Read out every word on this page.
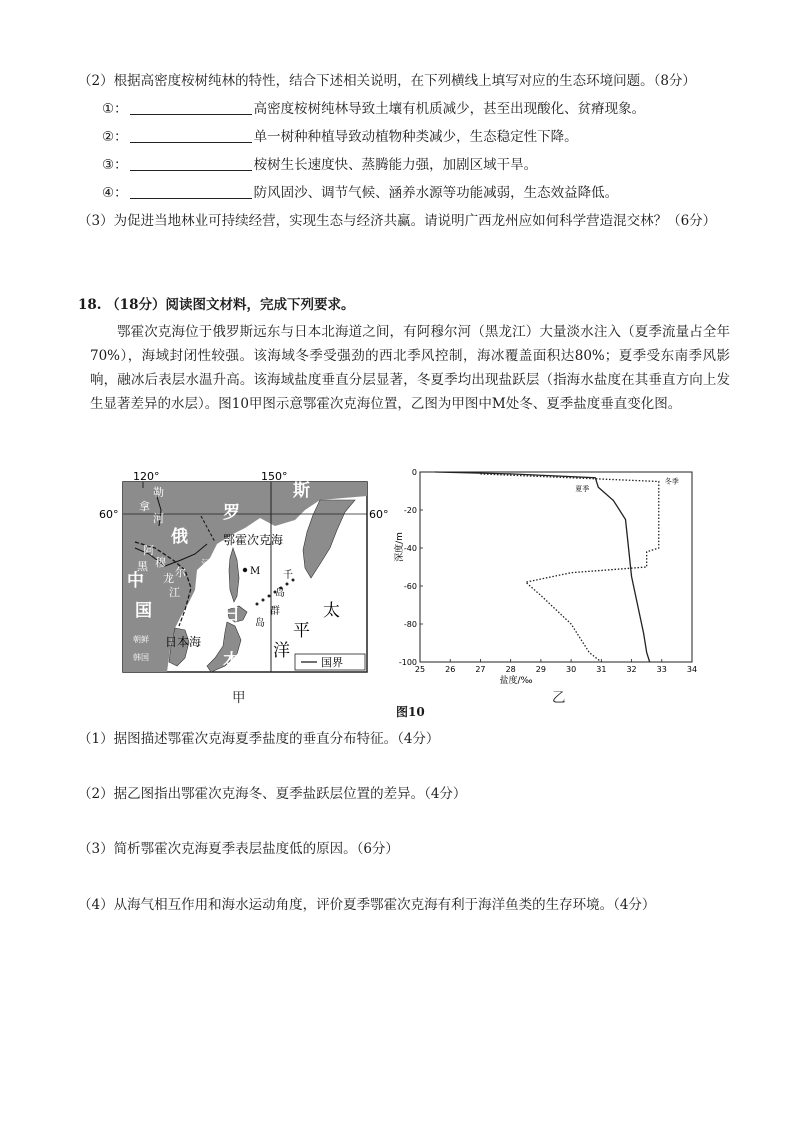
（2）根据高密度桉树纯林的特性，结合下述相关说明，在下列横线上填写对应的生态环境问题。（8分）
①：	高密度桉树纯林导致土壤有机质减少，甚至出现酸化、贫瘠现象。
②：	单一树种种植导致动植物种类减少，生态稳定性下降。
③：	桉树生长速度快、蒸腾能力强，加剧区域干旱。
④：	防风固沙、调节气候、涵养水源等功能减弱，生态效益降低。
（3）为促进当地林业可持续经营，实现生态与经济共赢。请说明广西龙州应如何科学营造混交林？（6分）
18. （18分）阅读图文材料，完成下列要求。
鄂霍次克海位于俄罗斯远东与日本北海道之间，有阿穆尔河（黑龙江）大量淡水注入（夏季流量占全年70%），海域封闭性较强。该海域冬季受强劲的西北季风控制，海冰覆盖面积达80%；夏季受东南季风影响，融冰后表层水温升高。该海域盐度垂直分层显著，冬夏季均出现盐跃层（指海水盐度在其垂直方向上发生显著差异的水层）。图10甲图示意鄂霍次克海位置，乙图为甲图中M处冬、夏季盐度垂直变化图。
国界
120°	150°
60°	60°
勒
拿
河
俄
罗
斯
阿
黑 穆
尔
河
龙
江
中
国
鄂霍次克海
M 千
岛
群
岛
日
本
日本海
朝鲜
韩国
太
平
洋
甲
25	26	27	28	29	30	31	32	33	34
0
-20
-40
-60
-80
-100
夏季
冬季
盐度/‰
深度/m
乙
图10
（1）据图描述鄂霍次克海夏季盐度的垂直分布特征。（4分）
（2）据乙图指出鄂霍次克海冬、夏季盐跃层位置的差异。（4分）
（3）简析鄂霍次克海夏季表层盐度低的原因。（6分）
（4）从海气相互作用和海水运动角度，评价夏季鄂霍次克海有利于海洋鱼类的生存环境。（4分）
